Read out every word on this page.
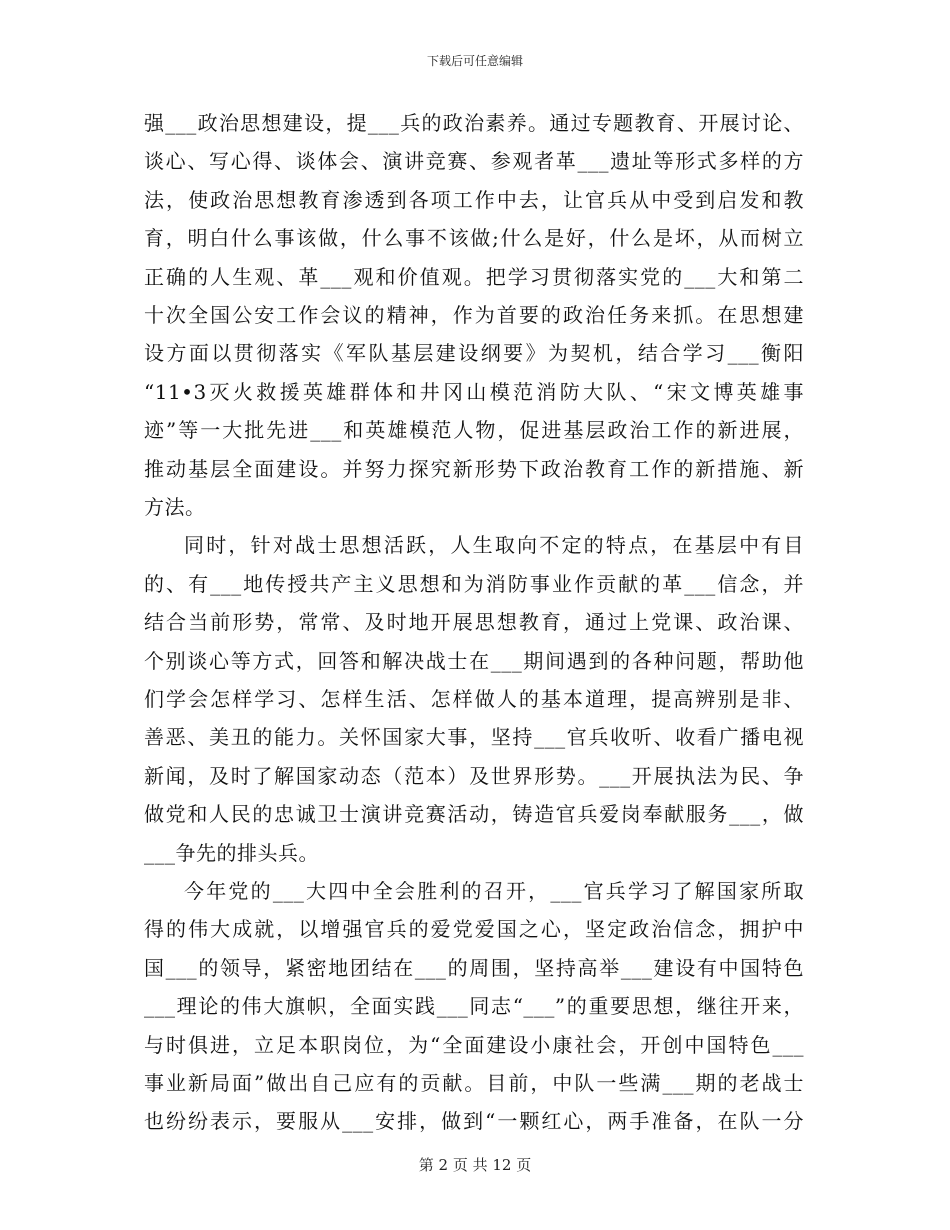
下载后可任意编辑
强___政治思想建设，提___兵的政治素养。通过专题教育、开展讨论、
谈心、写心得、谈体会、演讲竞赛、参观者革___遗址等形式多样的方
法，使政治思想教育渗透到各项工作中去，让官兵从中受到启发和教
育，明白什么事该做，什么事不该做;什么是好，什么是坏，从而树立
正确的人生观、革___观和价值观。把学习贯彻落实党的___大和第二
十次全国公安工作会议的精神，作为首要的政治任务来抓。在思想建
设方面以贯彻落实《军队基层建设纲要》为契机，结合学习___衡阳
“11•3灭火救援英雄群体和井冈山模范消防大队、“宋文博英雄事
迹”等一大批先进___和英雄模范人物，促进基层政治工作的新进展，
推动基层全面建设。并努力探究新形势下政治教育工作的新措施、新
方法。
同时，针对战士思想活跃，人生取向不定的特点，在基层中有目
的、有___地传授共产主义思想和为消防事业作贡献的革___信念，并
结合当前形势，常常、及时地开展思想教育，通过上党课、政治课、
个别谈心等方式，回答和解决战士在___期间遇到的各种问题，帮助他
们学会怎样学习、怎样生活、怎样做人的基本道理，提高辨别是非、
善恶、美丑的能力。关怀国家大事，坚持___官兵收听、收看广播电视
新闻，及时了解国家动态（范本）及世界形势。___开展执法为民、争
做党和人民的忠诚卫士演讲竞赛活动，铸造官兵爱岗奉献服务___，做
___争先的排头兵。
今年党的___大四中全会胜利的召开，___官兵学习了解国家所取
得的伟大成就，以增强官兵的爱党爱国之心，坚定政治信念，拥护中
国___的领导，紧密地团结在___的周围，坚持高举___建设有中国特色
___理论的伟大旗帜，全面实践___同志“___”的重要思想，继往开来，
与时俱进，立足本职岗位，为“全面建设小康社会，开创中国特色___
事业新局面”做出自己应有的贡献。目前，中队一些满___期的老战士
也纷纷表示，要服从___安排，做到“一颗红心，两手准备，在队一分
第 2 页 共 12 页
